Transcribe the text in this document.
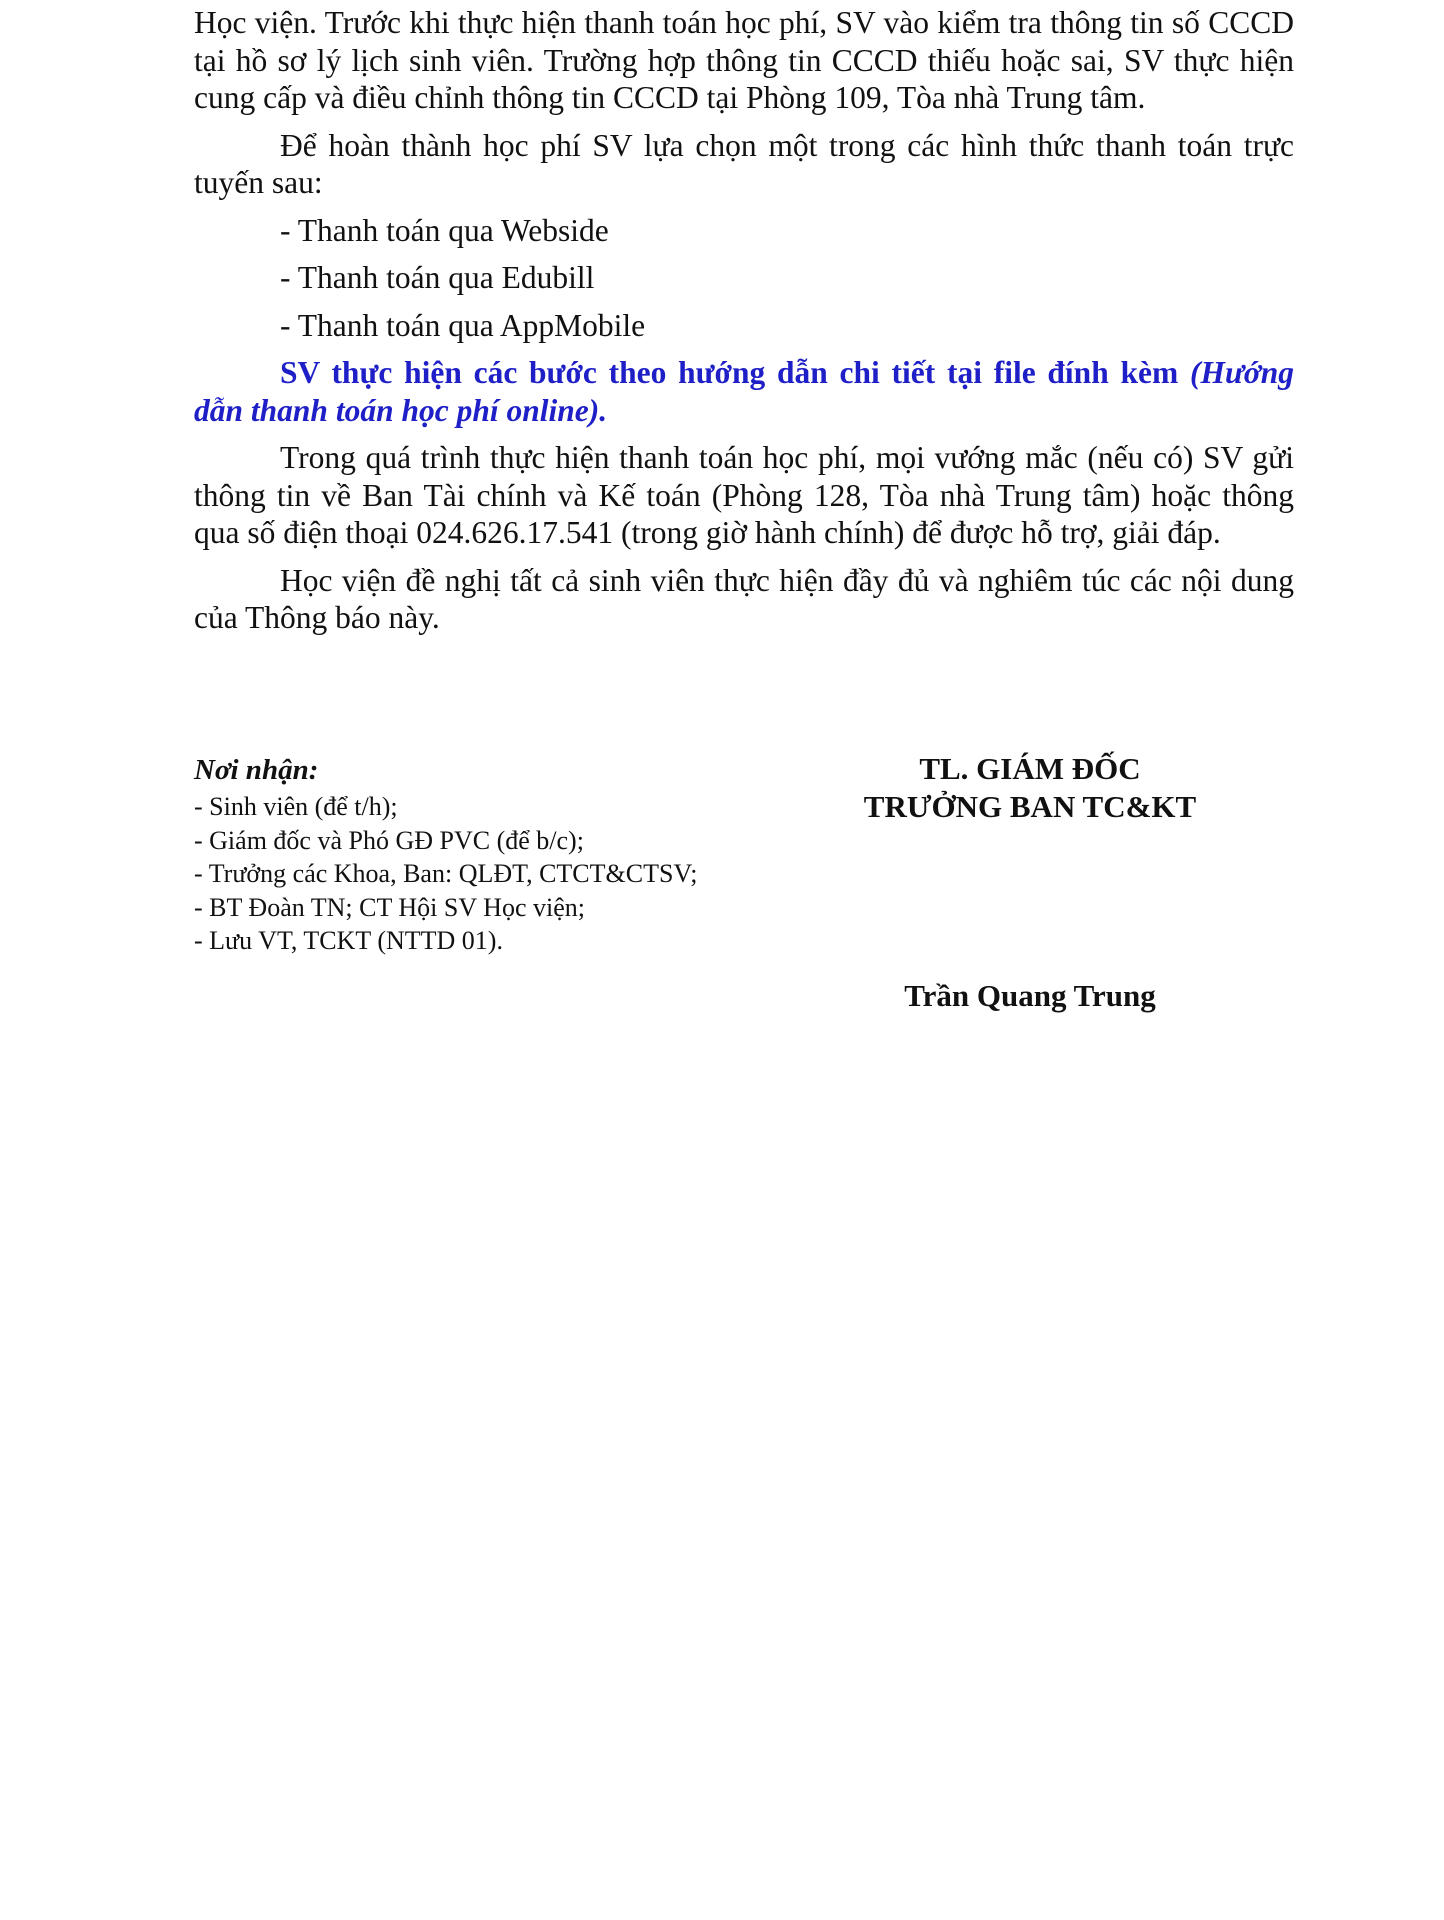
Học viện. Trước khi thực hiện thanh toán học phí, SV vào kiểm tra thông tin số CCCD tại hồ sơ lý lịch sinh viên. Trường hợp thông tin CCCD thiếu hoặc sai, SV thực hiện cung cấp và điều chỉnh thông tin CCCD tại Phòng 109, Tòa nhà Trung tâm.

Để hoàn thành học phí SV lựa chọn một trong các hình thức thanh toán trực tuyến sau:

- Thanh toán qua Webside

- Thanh toán qua Edubill

- Thanh toán qua AppMobile

SV thực hiện các bước theo hướng dẫn chi tiết tại file đính kèm (Hướng dẫn thanh toán học phí online).

Trong quá trình thực hiện thanh toán học phí, mọi vướng mắc (nếu có) SV gửi thông tin về Ban Tài chính và Kế toán (Phòng 128, Tòa nhà Trung tâm) hoặc thông qua số điện thoại 024.626.17.541 (trong giờ hành chính) để được hỗ trợ, giải đáp.

Học viện đề nghị tất cả sinh viên thực hiện đầy đủ và nghiêm túc các nội dung của Thông báo này.

Nơi nhận:
- Sinh viên (để t/h);
- Giám đốc và Phó GĐ PVC (để b/c);
- Trưởng các Khoa, Ban: QLĐT, CTCT&CTSV;
- BT Đoàn TN; CT Hội SV Học viện;
- Lưu VT, TCKT (NTTD 01).
TL. GIÁM ĐỐC
TRƯỞNG BAN TC&KT
Trần Quang Trung
